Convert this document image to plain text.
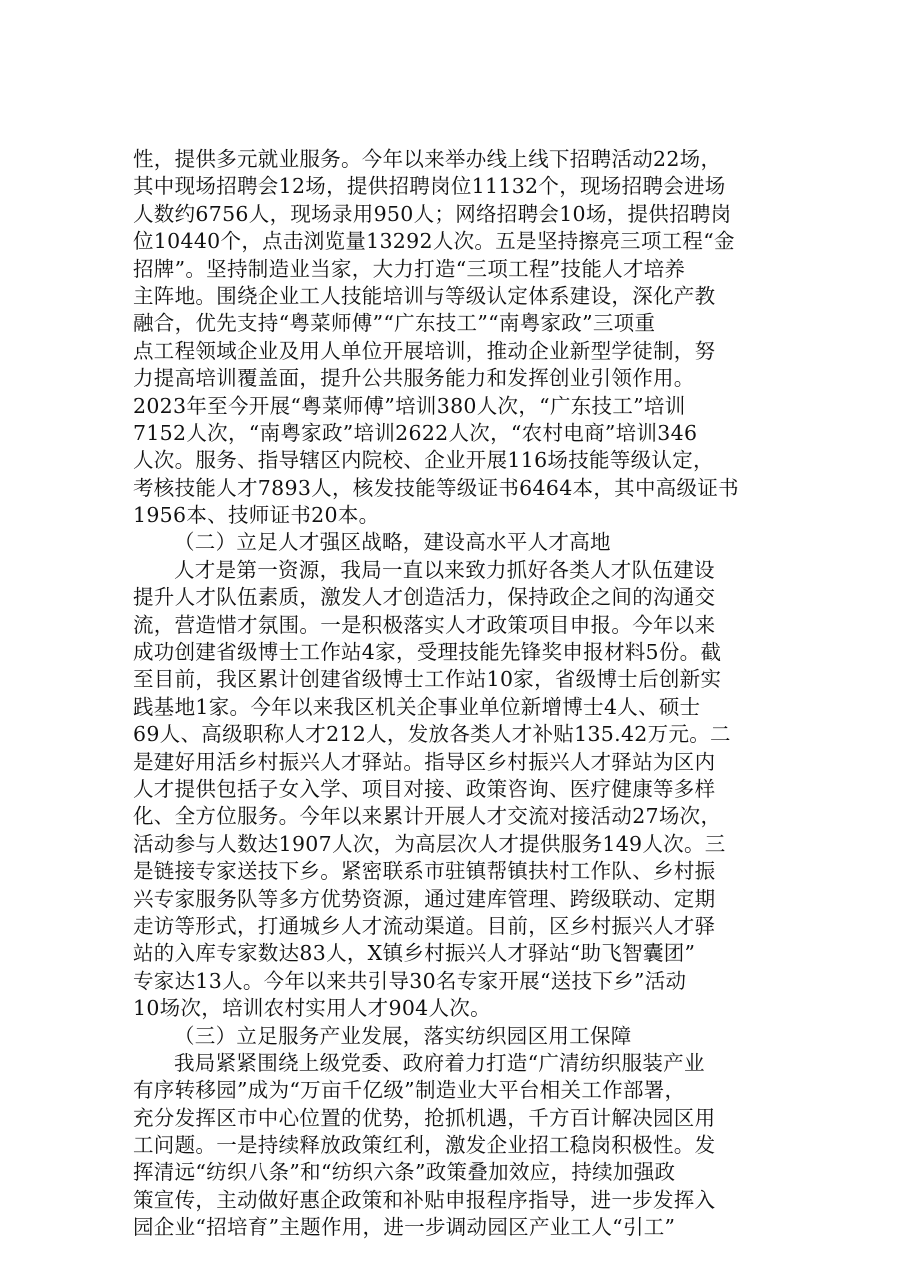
性，提供多元就业服务。今年以来举办线上线下招聘活动22场，
其中现场招聘会12场，提供招聘岗位11132个，现场招聘会进场
人数约6756人，现场录用950人；网络招聘会10场，提供招聘岗
位10440个，点击浏览量13292人次。五是坚持擦亮三项工程“金
招牌”。坚持制造业当家，大力打造“三项工程”技能人才培养
主阵地。围绕企业工人技能培训与等级认定体系建设，深化产教
融合，优先支持“粤菜师傅”“广东技工”“南粤家政”三项重
点工程领域企业及用人单位开展培训，推动企业新型学徒制，努
力提高培训覆盖面，提升公共服务能力和发挥创业引领作用。
2023年至今开展“粤菜师傅”培训380人次，“广东技工”培训
7152人次，“南粤家政”培训2622人次，“农村电商”培训346
人次。服务、指导辖区内院校、企业开展116场技能等级认定，
考核技能人才7893人，核发技能等级证书6464本，其中高级证书
1956本、技师证书20本。
（二）立足人才强区战略，建设高水平人才高地
人才是第一资源，我局一直以来致力抓好各类人才队伍建设
提升人才队伍素质，激发人才创造活力，保持政企之间的沟通交
流，营造惜才氛围。一是积极落实人才政策项目申报。今年以来
成功创建省级博士工作站4家，受理技能先锋奖申报材料5份。截
至目前，我区累计创建省级博士工作站10家，省级博士后创新实
践基地1家。今年以来我区机关企事业单位新增博士4人、硕士
69人、高级职称人才212人，发放各类人才补贴135.42万元。二
是建好用活乡村振兴人才驿站。指导区乡村振兴人才驿站为区内
人才提供包括子女入学、项目对接、政策咨询、医疗健康等多样
化、全方位服务。今年以来累计开展人才交流对接活动27场次，
活动参与人数达1907人次，为高层次人才提供服务149人次。三
是链接专家送技下乡。紧密联系市驻镇帮镇扶村工作队、乡村振
兴专家服务队等多方优势资源，通过建库管理、跨级联动、定期
走访等形式，打通城乡人才流动渠道。目前，区乡村振兴人才驿
站的入库专家数达83人，X镇乡村振兴人才驿站“助飞智囊团”
专家达13人。今年以来共引导30名专家开展“送技下乡”活动
10场次，培训农村实用人才904人次。
（三）立足服务产业发展，落实纺织园区用工保障
我局紧紧围绕上级党委、政府着力打造“广清纺织服装产业
有序转移园”成为“万亩千亿级”制造业大平台相关工作部署，
充分发挥区市中心位置的优势，抢抓机遇，千方百计解决园区用
工问题。一是持续释放政策红利，激发企业招工稳岗积极性。发
挥清远“纺织八条”和“纺织六条”政策叠加效应，持续加强政
策宣传，主动做好惠企政策和补贴申报程序指导，进一步发挥入
园企业“招培育”主题作用，进一步调动园区产业工人“引工”
